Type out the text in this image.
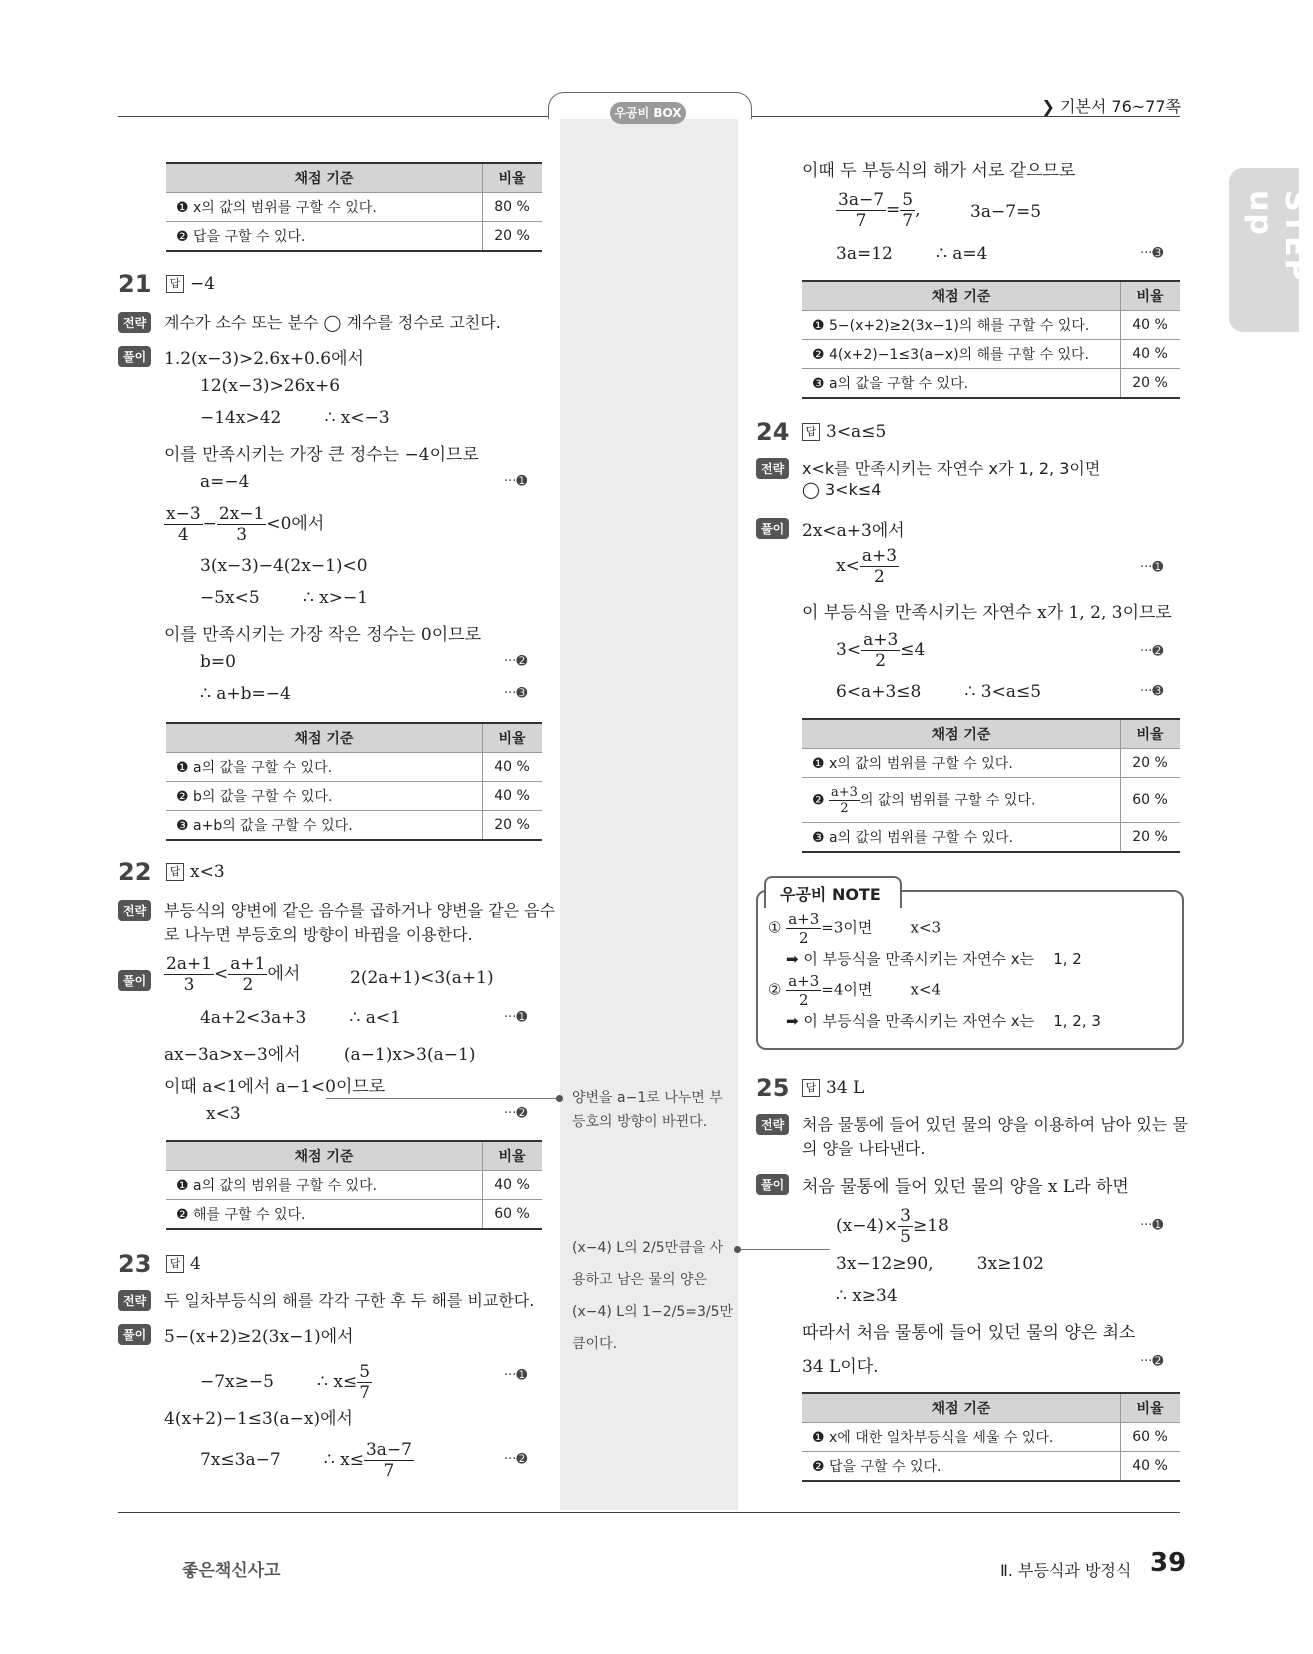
우공비 BOX	❯ 기본서 76~77쪽
STEP up
채점 기준	비율
❶ x의 값의 범위를 구할 수 있다.	80 %
❷ 답을 구할 수 있다.	20 %
21	답 −4
전략	계수가 소수 또는 분수 ◯ 계수를 정수로 고친다.
풀이 1.2(x−3)>2.6x+0.6에서
12(x−3)>26x+6
−14x>42        ∴ x<−3
이를 만족시키는 가장 큰 정수는 −4이므로
a=−4	···➊
$\frac{x-3}{4} - \frac{2x-1}{3} <0$에서
3(x−3)−4(2x−1)<0
−5x<5        ∴ x>−1
이를 만족시키는 가장 작은 정수는 0이므로
b=0	···➋
∴ a+b=−4	···➌
채점 기준	비율
❶ a의 값을 구할 수 있다.	40 %
❷ b의 값을 구할 수 있다.	40 %
❸ a+b의 값을 구할 수 있다.	20 %
22	답 x<3
전략	부등식의 양변에 같은 음수를 곱하거나 양변을 같은 음수
로 나누면 부등호의 방향이 바뀜을 이용한다.
풀이 $\frac{2a+1}{3} < \frac{a+1}{2}$ 에서	2(2a+1)<3(a+1)
4a+2<3a+3        ∴ a<1	···➊
ax−3a>x−3에서        (a−1)x>3(a−1)
이때 a<1에서 a−1<0이므로
양변을 a−1로 나누면 부
등호의 방향이 바뀐다.
x<3	···➋
채점 기준	비율
❶ a의 값의 범위를 구할 수 있다.	40 %
❷ 해를 구할 수 있다.	60 %
23	답 4
전략	두 일차부등식의 해를 각각 구한 후 두 해를 비교한다.
풀이 5−(x+2)≥2(3x−1)에서
−7x≥−5        ∴ $x\le \frac{5}{7}$	···➊
4(x+2)−1≤3(a−x)에서
7x≤3a−7        ∴ $x\le \frac{3a-7}{7}$	···➋
이때 두 부등식의 해가 서로 같으므로
$\frac{3a-7}{7} = \frac{5}{7}$ ,	3a−7=5
3a=12        ∴ a=4	···➌
채점 기준	비율
❶ 5−(x+2)≥2(3x−1)의 해를 구할 수 있다.	40 %
❷ 4(x+2)−1≤3(a−x)의 해를 구할 수 있다.	40 %
❸ a의 값을 구할 수 있다.	20 %
24	답 3<a≤5
전략	x<k를 만족시키는 자연수 x가 1, 2, 3이면
◯ 3<k≤4
풀이 2x<a+3에서
$x< \frac{a+3}{2}$	···➊
이 부등식을 만족시키는 자연수 x가 1, 2, 3이므로
$3< \frac{a+3}{2} \le 4$	···➋
6<a+3≤8        ∴ 3<a≤5	···➌
채점 기준	비율
❶ x의 값의 범위를 구할 수 있다.	20 %
❷ $\frac{a+3}{2}$ 의 값의 범위를 구할 수 있다.	60 %
❸ a의 값의 범위를 구할 수 있다.	20 %
우공비 NOTE
① $\frac{a+3}{2} =3$이면        x<3
➡ 이 부등식을 만족시키는 자연수 x는    1, 2
② $\frac{a+3}{2} =4$이면        x<4
➡ 이 부등식을 만족시키는 자연수 x는    1, 2, 3
25	답 34 L
전략	처음 물통에 들어 있던 물의 양을 이용하여 남아 있는 물
의 양을 나타낸다.
풀이 처음 물통에 들어 있던 물의 양을 x L라 하면
$(x-4)\times \frac{3}{5} \ge 18$	···➊
(x−4) L의 2/5만큼을 사
용하고 남은 물의 양은
(x−4) L의 1−2/5=3/5만
큼이다.
3x−12≥90,        3x≥102
∴ x≥34
따라서 처음 물통에 들어 있던 물의 양은 최소
34 L이다.	···➋
채점 기준	비율
❶ x에 대한 일차부등식을 세울 수 있다.	60 %
❷ 답을 구할 수 있다.	40 %
좋은책신사고	Ⅱ. 부등식과 방정식 39
